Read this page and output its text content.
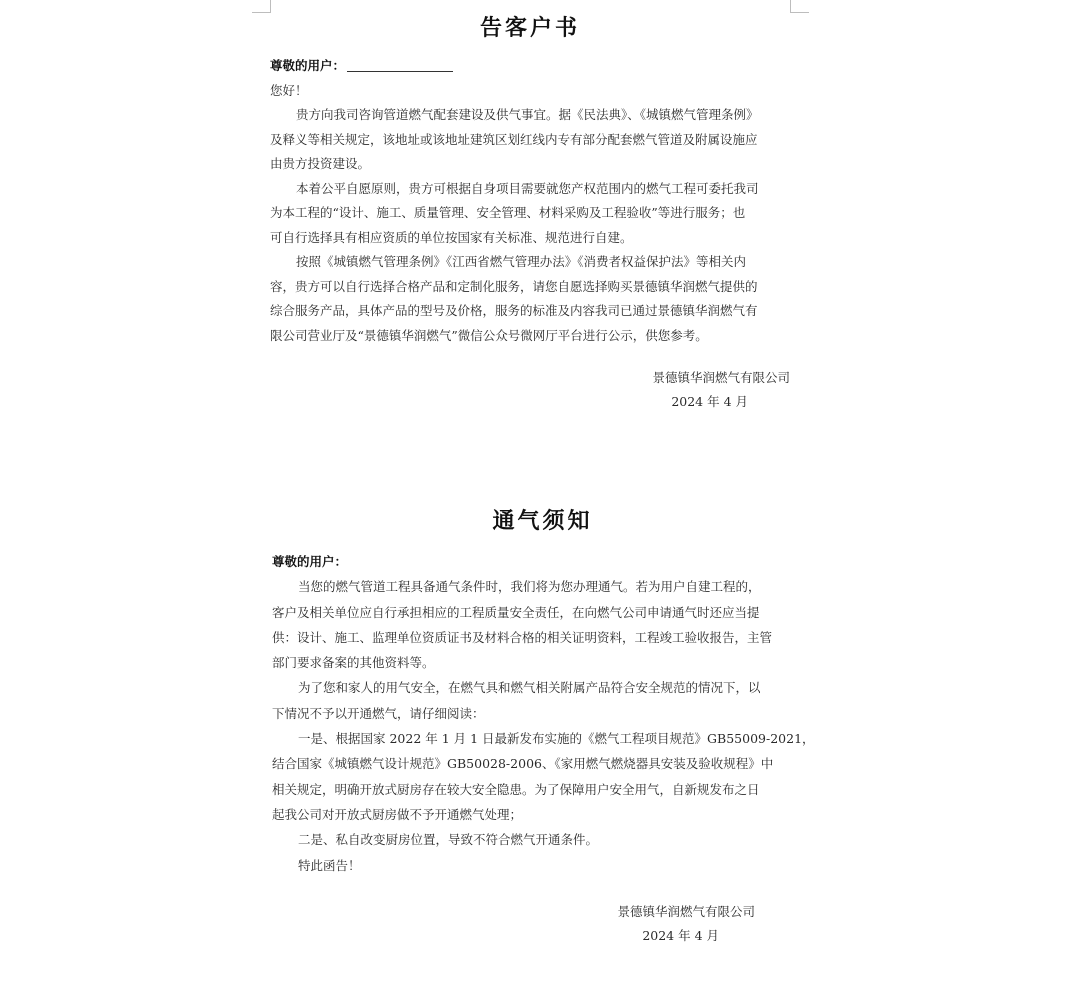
告客户书

尊敬的用户：

您好！

贵方向我司咨询管道燃气配套建设及供气事宜。据《民法典》、《城镇燃气管理条例》

及释义等相关规定，该地址或该地址建筑区划红线内专有部分配套燃气管道及附属设施应

由贵方投资建设。

本着公平自愿原则，贵方可根据自身项目需要就您产权范围内的燃气工程可委托我司

为本工程的“设计、施工、质量管理、安全管理、材料采购及工程验收”等进行服务；也

可自行选择具有相应资质的单位按国家有关标准、规范进行自建。

按照《城镇燃气管理条例》《江西省燃气管理办法》《消费者权益保护法》等相关内

容，贵方可以自行选择合格产品和定制化服务，请您自愿选择购买景德镇华润燃气提供的

综合服务产品，具体产品的型号及价格，服务的标准及内容我司已通过景德镇华润燃气有

限公司营业厅及“景德镇华润燃气”微信公众号微网厅平台进行公示，供您参考。

景德镇华润燃气有限公司

2024 年 4 月

通气须知

尊敬的用户：

当您的燃气管道工程具备通气条件时，我们将为您办理通气。若为用户自建工程的，

客户及相关单位应自行承担相应的工程质量安全责任，在向燃气公司申请通气时还应当提

供：设计、施工、监理单位资质证书及材料合格的相关证明资料，工程竣工验收报告，主管

部门要求备案的其他资料等。

为了您和家人的用气安全，在燃气具和燃气相关附属产品符合安全规范的情况下，以

下情况不予以开通燃气，请仔细阅读：

一是、根据国家 2022 年 1 月 1 日最新发布实施的《燃气工程项目规范》GB55009-2021，

结合国家《城镇燃气设计规范》GB50028-2006、《家用燃气燃烧器具安装及验收规程》中

相关规定，明确开放式厨房存在较大安全隐患。为了保障用户安全用气，自新规发布之日

起我公司对开放式厨房做不予开通燃气处理；

二是、私自改变厨房位置，导致不符合燃气开通条件。

特此函告！

景德镇华润燃气有限公司

2024 年 4 月
